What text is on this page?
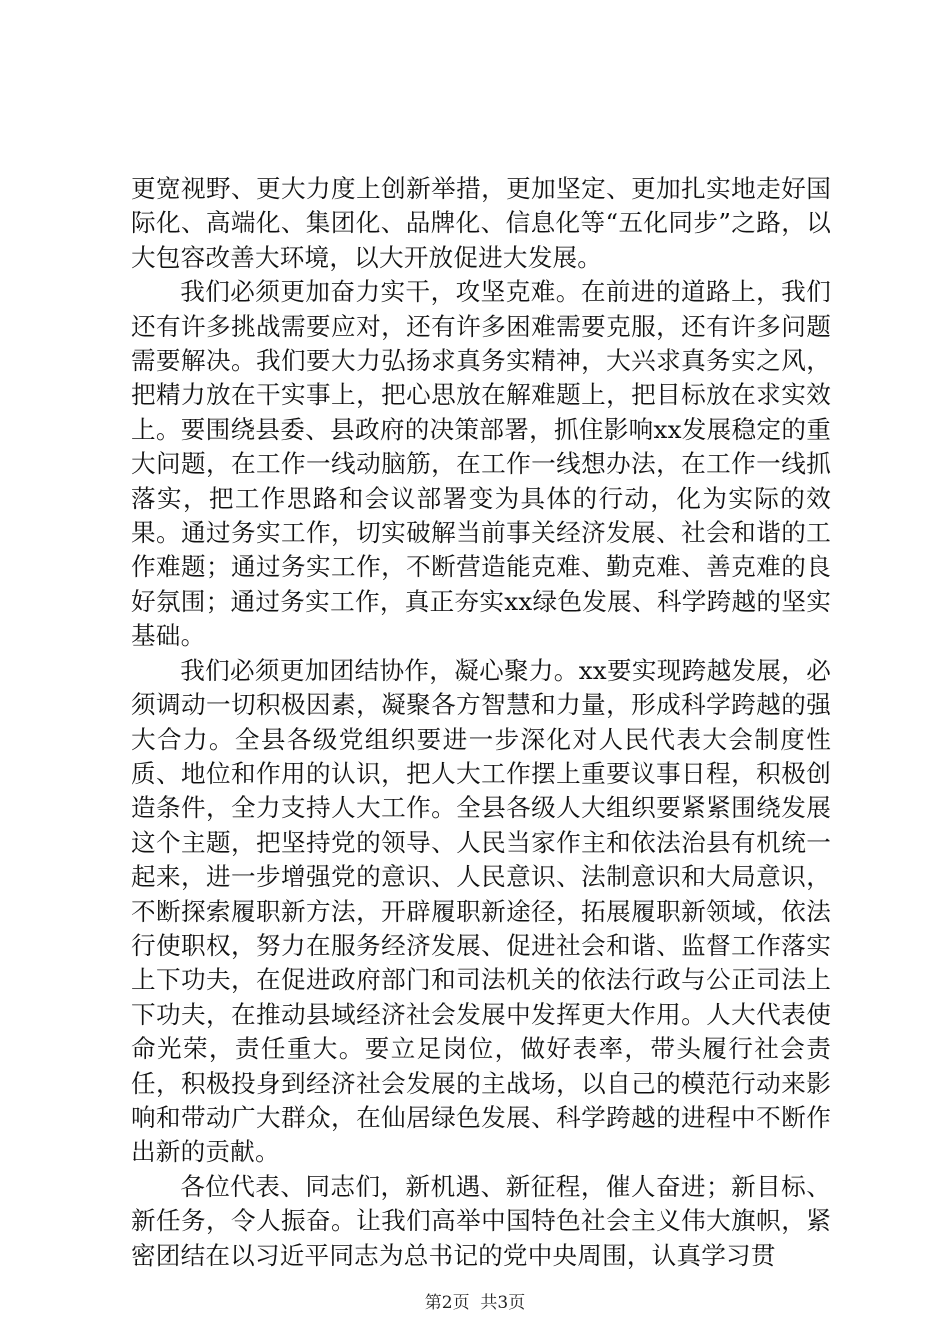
更宽视野、更大力度上创新举措，更加坚定、更加扎实地走好国际化、高端化、集团化、品牌化、信息化等“五化同步”之路，以大包容改善大环境，以大开放促进大发展。

我们必须更加奋力实干，攻坚克难。在前进的道路上，我们还有许多挑战需要应对，还有许多困难需要克服，还有许多问题需要解决。我们要大力弘扬求真务实精神，大兴求真务实之风，把精力放在干实事上，把心思放在解难题上，把目标放在求实效上。要围绕县委、县政府的决策部署，抓住影响xx发展稳定的重大问题，在工作一线动脑筋，在工作一线想办法，在工作一线抓落实，把工作思路和会议部署变为具体的行动，化为实际的效果。通过务实工作，切实破解当前事关经济发展、社会和谐的工作难题；通过务实工作，不断营造能克难、勤克难、善克难的良好氛围；通过务实工作，真正夯实xx绿色发展、科学跨越的坚实基础。

我们必须更加团结协作，凝心聚力。xx要实现跨越发展，必须调动一切积极因素，凝聚各方智慧和力量，形成科学跨越的强大合力。全县各级党组织要进一步深化对人民代表大会制度性质、地位和作用的认识，把人大工作摆上重要议事日程，积极创造条件，全力支持人大工作。全县各级人大组织要紧紧围绕发展这个主题，把坚持党的领导、人民当家作主和依法治县有机统一起来，进一步增强党的意识、人民意识、法制意识和大局意识，不断探索履职新方法，开辟履职新途径，拓展履职新领域，依法行使职权，努力在服务经济发展、促进社会和谐、监督工作落实上下功夫，在促进政府部门和司法机关的依法行政与公正司法上下功夫，在推动县域经济社会发展中发挥更大作用。人大代表使命光荣，责任重大。要立足岗位，做好表率，带头履行社会责任，积极投身到经济社会发展的主战场，以自己的模范行动来影响和带动广大群众，在仙居绿色发展、科学跨越的进程中不断作出新的贡献。

各位代表、同志们，新机遇、新征程，催人奋进；新目标、新任务，令人振奋。让我们高举中国特色社会主义伟大旗帜，紧密团结在以习近平同志为总书记的党中央周围，认真学习贯

第2页  共3页
